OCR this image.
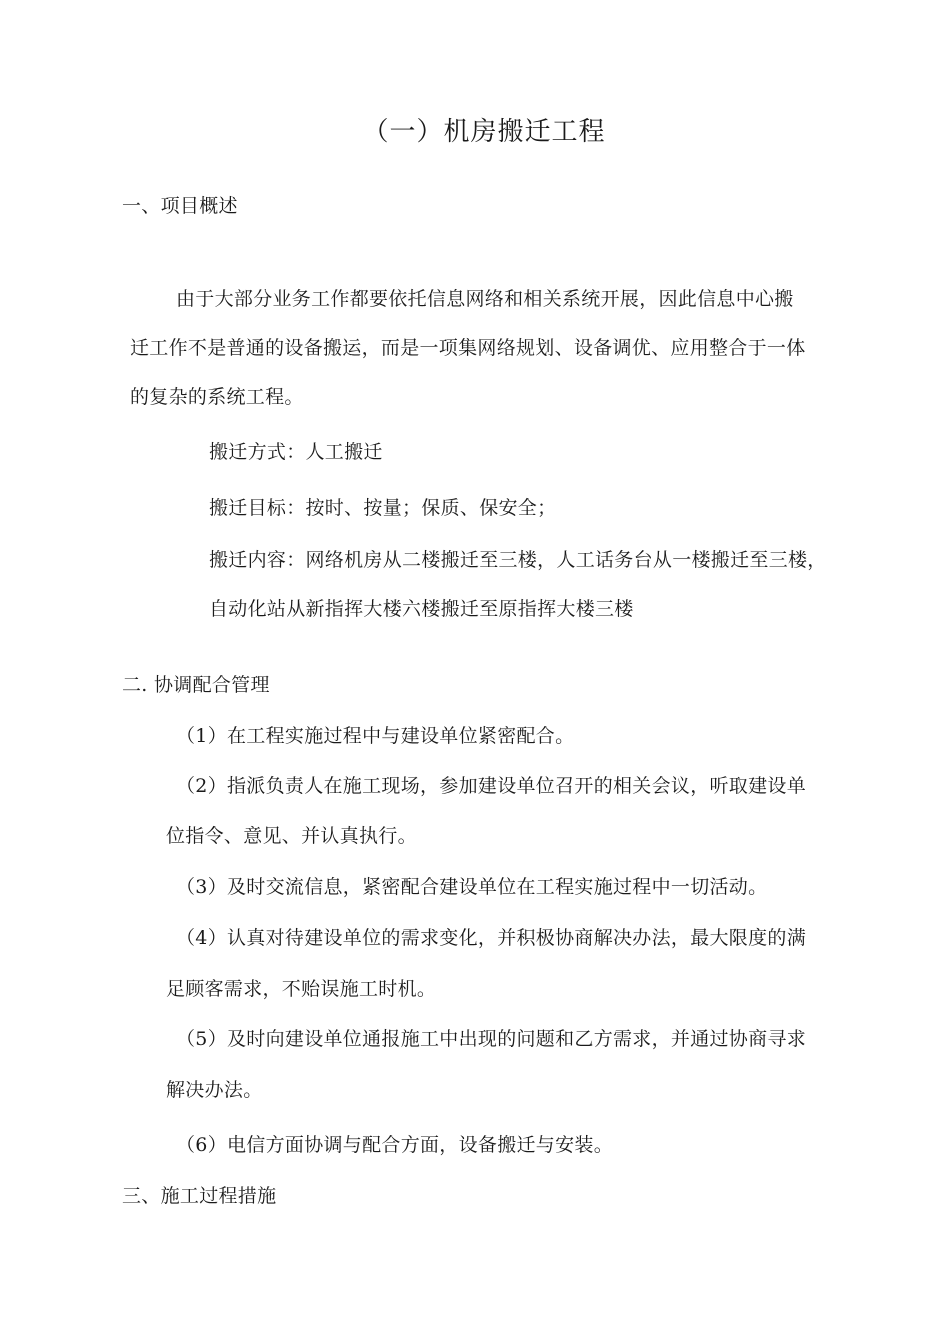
（一）机房搬迁工程
一、项目概述
由于大部分业务工作都要依托信息网络和相关系统开展，因此信息中心搬
迁工作不是普通的设备搬运，而是一项集网络规划、设备调优、应用整合于一体
的复杂的系统工程。
搬迁方式：人工搬迁
搬迁目标：按时、按量；保质、保安全；
搬迁内容：网络机房从二楼搬迁至三楼，人工话务台从一楼搬迁至三楼，
自动化站从新指挥大楼六楼搬迁至原指挥大楼三楼
二. 协调配合管理
（1）在工程实施过程中与建设单位紧密配合。
（2）指派负责人在施工现场，参加建设单位召开的相关会议，听取建设单
位指令、意见、并认真执行。
（3）及时交流信息，紧密配合建设单位在工程实施过程中一切活动。
（4）认真对待建设单位的需求变化，并积极协商解决办法，最大限度的满
足顾客需求，不贻误施工时机。
（5）及时向建设单位通报施工中出现的问题和乙方需求，并通过协商寻求
解决办法。
（6）电信方面协调与配合方面，设备搬迁与安装。
三、施工过程措施
